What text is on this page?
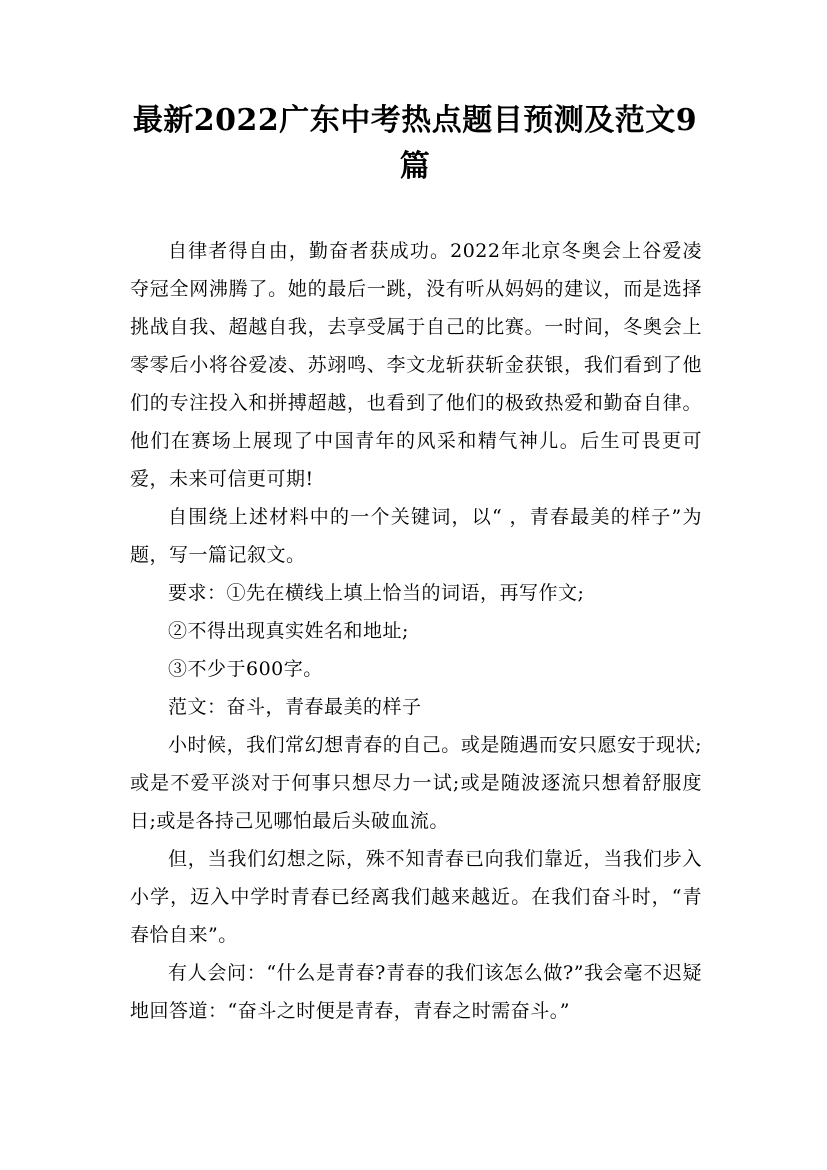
最新2022广东中考热点题目预测及范文9篇

自律者得自由，勤奋者获成功。2022年北京冬奥会上谷爱凌夺冠全网沸腾了。她的最后一跳，没有听从妈妈的建议，而是选择挑战自我、超越自我，去享受属于自己的比赛。一时间，冬奥会上零零后小将谷爱凌、苏翊鸣、李文龙斩获斩金获银，我们看到了他们的专注投入和拼搏超越，也看到了他们的极致热爱和勤奋自律。他们在赛场上展现了中国青年的风采和精气神儿。后生可畏更可爱，未来可信更可期!

自围绕上述材料中的一个关键词，以“ ，青春最美的样子”为题，写一篇记叙文。

要求：①先在横线上填上恰当的词语，再写作文;

②不得出现真实姓名和地址;

③不少于600字。

范文：奋斗，青春最美的样子

小时候，我们常幻想青春的自己。或是随遇而安只愿安于现状;或是不爱平淡对于何事只想尽力一试;或是随波逐流只想着舒服度日;或是各持己见哪怕最后头破血流。

但，当我们幻想之际，殊不知青春已向我们靠近，当我们步入小学，迈入中学时青春已经离我们越来越近。在我们奋斗时，“青春恰自来”。

有人会问：“什么是青春?青春的我们该怎么做?”我会毫不迟疑地回答道：“奋斗之时便是青春，青春之时需奋斗。”
